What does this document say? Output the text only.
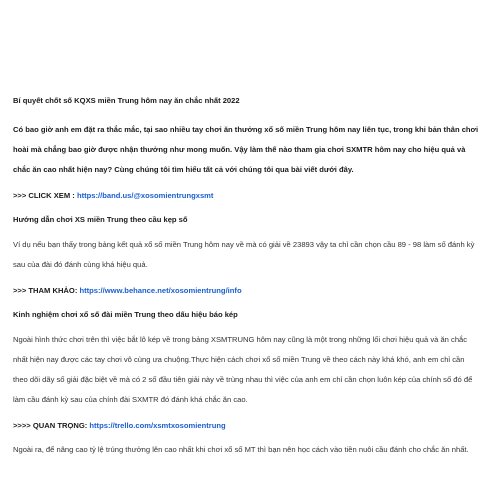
Bí quyết chốt số KQXS miền Trung hôm nay ăn chắc nhất 2022

Có bao giờ anh em đặt ra thắc mắc, tại sao nhiều tay chơi ăn thưởng xổ số miền Trung hôm nay liên tục, trong khi bản thân chơi hoài mà chẳng bao giờ được nhận thưởng như mong muốn. Vậy làm thế nào tham gia chơi SXMTR hôm nay cho hiệu quả và chắc ăn cao nhất hiện nay? Cùng chúng tôi tìm hiểu tất cả với chúng tôi qua bài viết dưới đây.

>>> CLICK XEM : https://band.us/@xosomientrungxsmt

Hướng dẫn chơi XS miền Trung theo cầu kẹp số

Ví dụ nếu bạn thấy trong bảng kết quả xổ số miền Trung hôm nay về mà có giải về 23893 vậy ta chỉ cần chọn cầu 89 - 98 làm số đánh kỳ sau của đài đó đánh cùng khá hiệu quả.

>>> THAM KHẢO: https://www.behance.net/xosomientrung/info

Kinh nghiệm chơi xổ số đài miền Trung theo dấu hiệu báo kép

Ngoài hình thức chơi trên thì việc bắt lô kép về trong bảng XSMTRUNG hôm nay cũng là một trong những lối chơi hiệu quả và ăn chắc nhất hiện nay được các tay chơi vô cùng ưa chuộng.Thực hiện cách chơi xổ số miền Trung về theo cách này khá khó, anh em chỉ cần theo dõi dãy số giải đặc biệt về mà có 2 số đầu tiên giải này về trùng nhau thì việc của anh em chỉ cần chọn luôn kép của chính số đó để làm cầu đánh kỳ sau của chính đài SXMTR đó đánh khá chắc ăn cao.

>>>> QUAN TRỌNG: https://trello.com/xsmtxosomientrung

Ngoài ra, để nâng cao tỷ lệ trúng thưởng lên cao nhất khi chơi xổ số MT thì bạn nên học cách vào tiền nuôi cầu đánh cho chắc ăn nhất.
